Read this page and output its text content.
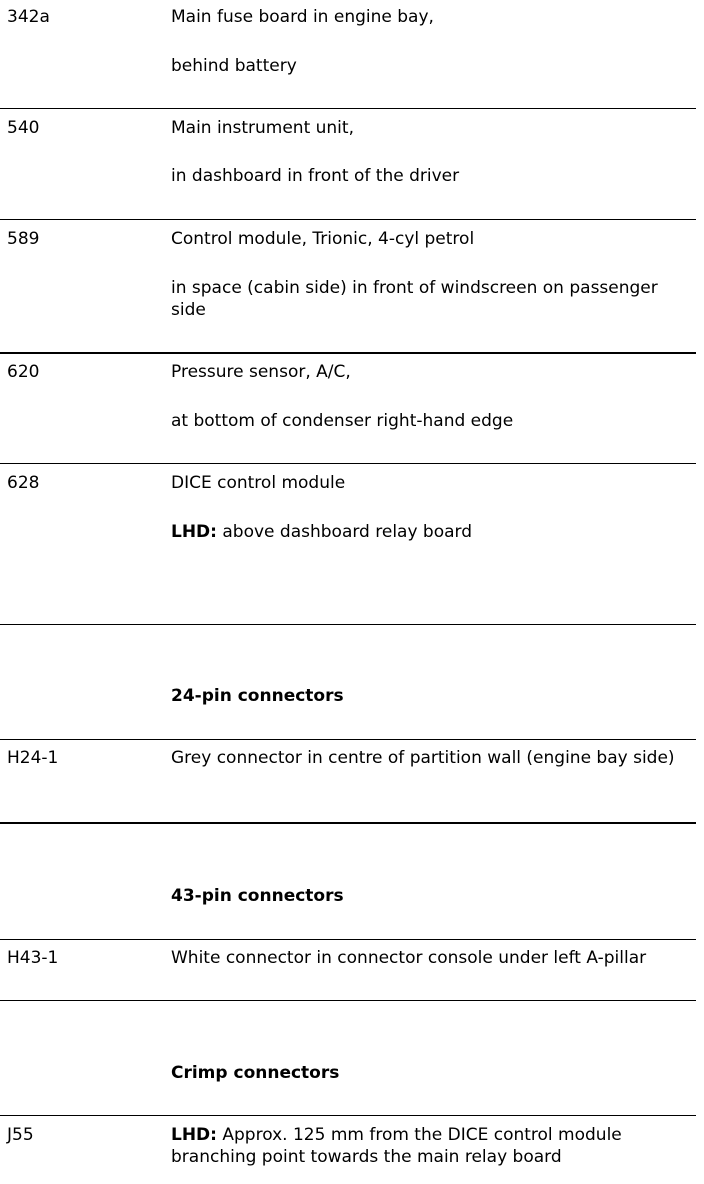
342a	Main fuse board in engine bay,
behind battery
540	Main instrument unit,
in dashboard in front of the driver
589	Control module, Trionic, 4-cyl petrol
in space (cabin side) in front of windscreen on passenger side
620	Pressure sensor, A/C,
at bottom of condenser right-hand edge
628	DICE control module
LHD: above dashboard relay board
24-pin connectors
H24-1	Grey connector in centre of partition wall (engine bay side)
43-pin connectors
H43-1	White connector in connector console under left A-pillar
Crimp connectors
J55	LHD: Approx. 125 mm from the DICE control module branching point towards the main relay board
